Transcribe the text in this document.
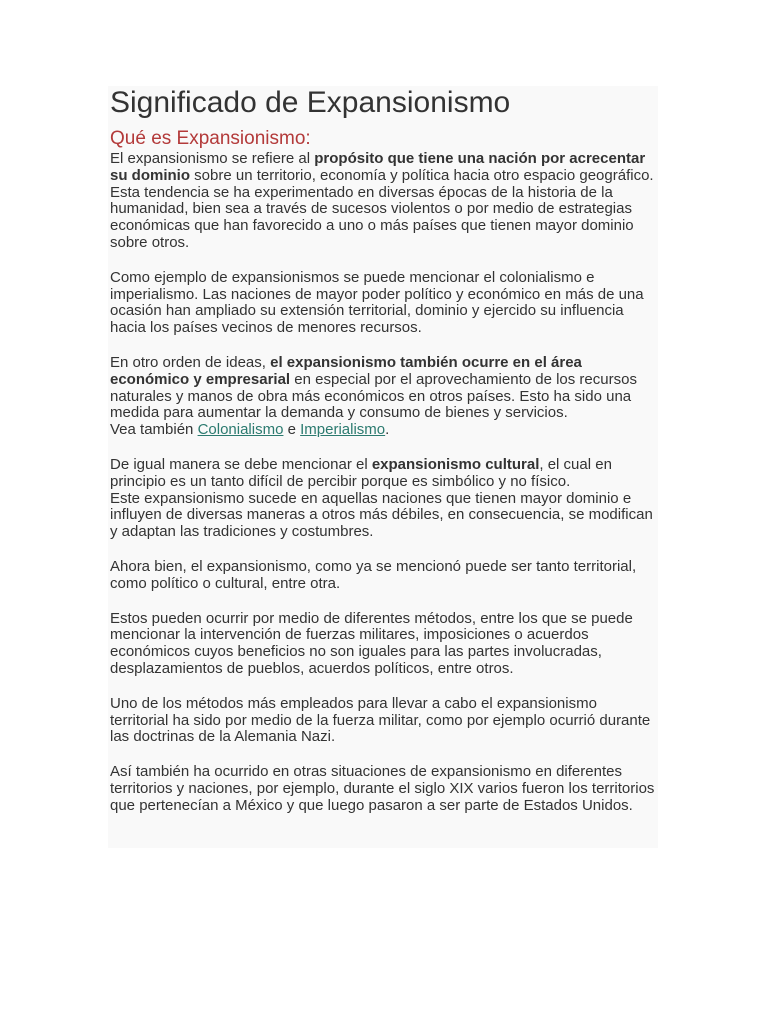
Significado de Expansionismo
Qué es Expansionismo:

El expansionismo se refiere al propósito que tiene una nación por acrecentar su dominio sobre un territorio, economía y política hacia otro espacio geográfico.

Esta tendencia se ha experimentado en diversas épocas de la historia de la humanidad, bien sea a través de sucesos violentos o por medio de estrategias económicas que han favorecido a uno o más países que tienen mayor dominio sobre otros.

Como ejemplo de expansionismos se puede mencionar el colonialismo e imperialismo. Las naciones de mayor poder político y económico en más de una ocasión han ampliado su extensión territorial, dominio y ejercido su influencia hacia los países vecinos de menores recursos.

En otro orden de ideas, el expansionismo también ocurre en el área económico y empresarial en especial por el aprovechamiento de los recursos naturales y manos de obra más económicos en otros países. Esto ha sido una medida para aumentar la demanda y consumo de bienes y servicios.

Vea también Colonialismo e Imperialismo.

De igual manera se debe mencionar el expansionismo cultural, el cual en principio es un tanto difícil de percibir porque es simbólico y no físico.

Este expansionismo sucede en aquellas naciones que tienen mayor dominio e influyen de diversas maneras a otros más débiles, en consecuencia, se modifican y adaptan las tradiciones y costumbres.

Ahora bien, el expansionismo, como ya se mencionó puede ser tanto territorial, como político o cultural, entre otra.

Estos pueden ocurrir por medio de diferentes métodos, entre los que se puede mencionar la intervención de fuerzas militares, imposiciones o acuerdos económicos cuyos beneficios no son iguales para las partes involucradas, desplazamientos de pueblos, acuerdos políticos, entre otros.

Uno de los métodos más empleados para llevar a cabo el expansionismo territorial ha sido por medio de la fuerza militar, como por ejemplo ocurrió durante las doctrinas de la Alemania Nazi.

Así también ha ocurrido en otras situaciones de expansionismo en diferentes territorios y naciones, por ejemplo, durante el siglo XIX varios fueron los territorios que pertenecían a México y que luego pasaron a ser parte de Estados Unidos.
